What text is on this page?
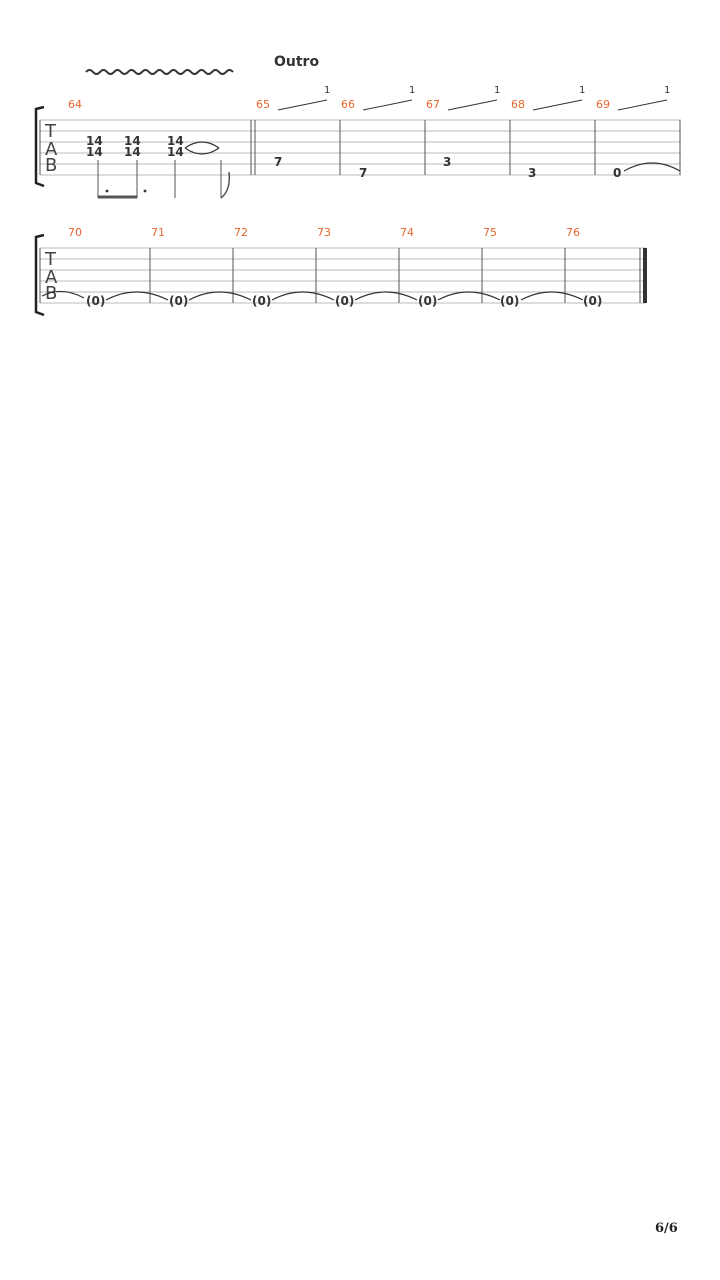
Outro
T
A
B
64	65	66	67	68	69
14
14
14
14
14
14
7
7
3
3	0
1	1	1	1	1
T
A
B
70	71	72	73	74	75	76
(0)	(0)	(0)	(0)	(0)	(0)	(0)
6/6
